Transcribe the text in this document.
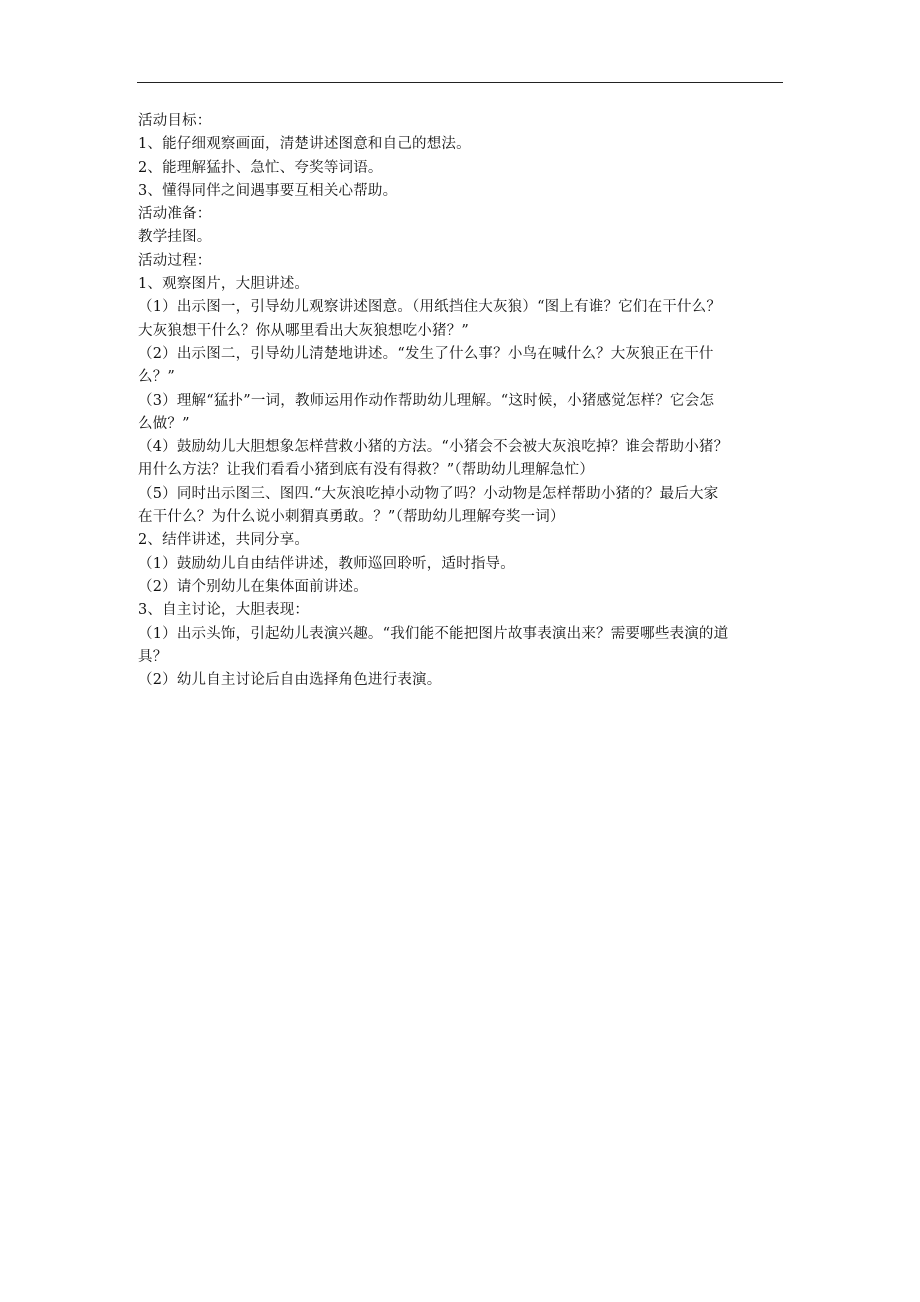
活动目标：
1、能仔细观察画面，清楚讲述图意和自己的想法。
2、能理解猛扑、急忙、夸奖等词语。
3、懂得同伴之间遇事要互相关心帮助。
活动准备：
教学挂图。
活动过程：
1、观察图片，大胆讲述。
（1）出示图一，引导幼儿观察讲述图意。（用纸挡住大灰狼）“图上有谁？它们在干什么？
大灰狼想干什么？你从哪里看出大灰狼想吃小猪？”
（2）出示图二，引导幼儿清楚地讲述。“发生了什么事？小鸟在喊什么？大灰狼正在干什
么？”
（3）理解“猛扑”一词，教师运用作动作帮助幼儿理解。“这时候，小猪感觉怎样？它会怎
么做？”
（4）鼓励幼儿大胆想象怎样营救小猪的方法。“小猪会不会被大灰浪吃掉？谁会帮助小猪？
用什么方法？让我们看看小猪到底有没有得救？”（帮助幼儿理解急忙）
（5）同时出示图三、图四.“大灰浪吃掉小动物了吗？小动物是怎样帮助小猪的？最后大家
在干什么？为什么说小刺猬真勇敢。？”（帮助幼儿理解夸奖一词）
2、结伴讲述，共同分享。
（1）鼓励幼儿自由结伴讲述，教师巡回聆听，适时指导。
（2）请个别幼儿在集体面前讲述。
3、自主讨论，大胆表现：
（1）出示头饰，引起幼儿表演兴趣。“我们能不能把图片故事表演出来？需要哪些表演的道
具？
（2）幼儿自主讨论后自由选择角色进行表演。
